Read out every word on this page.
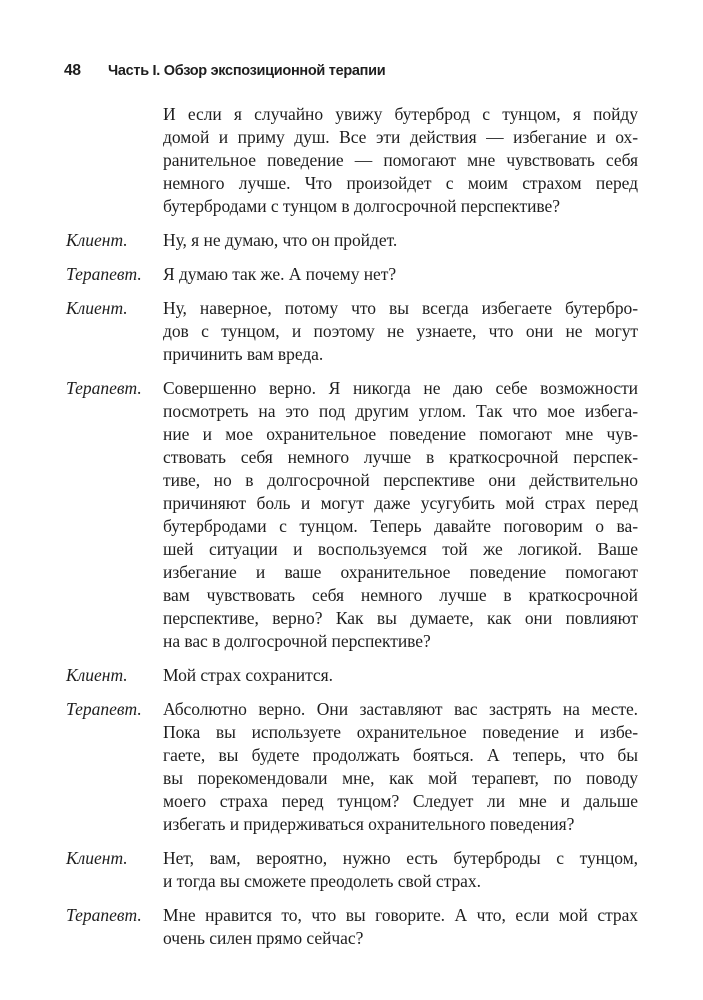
48 Часть I. Обзор экспозиционной терапии
И если я случайно увижу бутерброд с тунцом, я пойду
домой и приму душ. Все эти действия — избегание и ох-
ранительное поведение — помогают мне чувствовать себя
немного лучше. Что произойдет с моим страхом перед
бутербродами с тунцом в долгосрочной перспективе?
Клиент. Ну, я не думаю, что он пройдет.
Терапевт. Я думаю так же. А почему нет?
Клиент. Ну, наверное, потому что вы всегда избегаете бутербро-
дов с тунцом, и поэтому не узнаете, что они не могут
причинить вам вреда.
Терапевт. Совершенно верно. Я никогда не даю себе возможности
посмотреть на это под другим углом. Так что мое избега-
ние и мое охранительное поведение помогают мне чув-
ствовать себя немного лучше в краткосрочной перспек-
тиве, но в долгосрочной перспективе они действительно
причиняют боль и могут даже усугубить мой страх перед
бутербродами с тунцом. Теперь давайте поговорим о ва-
шей ситуации и воспользуемся той же логикой. Ваше
избегание и ваше охранительное поведение помогают
вам чувствовать себя немного лучше в краткосрочной
перспективе, верно? Как вы думаете, как они повлияют
на вас в долгосрочной перспективе?
Клиент. Мой страх сохранится.
Терапевт. Абсолютно верно. Они заставляют вас застрять на месте.
Пока вы используете охранительное поведение и избе-
гаете, вы будете продолжать бояться. А теперь, что бы
вы порекомендовали мне, как мой терапевт, по поводу
моего страха перед тунцом? Следует ли мне и дальше
избегать и придерживаться охранительного поведения?
Клиент. Нет, вам, вероятно, нужно есть бутерброды с тунцом,
и тогда вы сможете преодолеть свой страх.
Терапевт. Мне нравится то, что вы говорите. А что, если мой страх
очень силен прямо сейчас?
